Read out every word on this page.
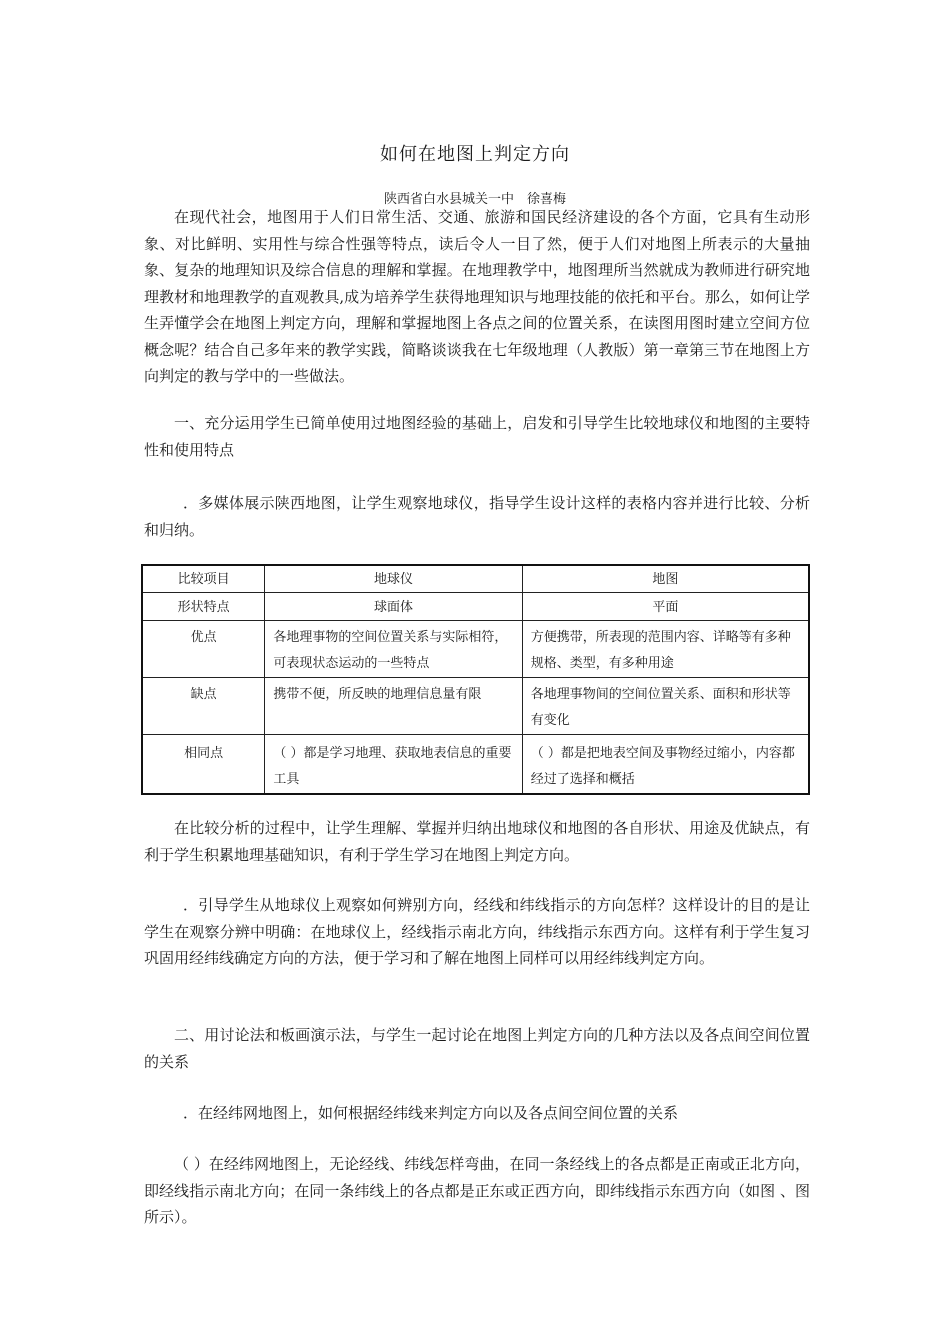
如何在地图上判定方向
陕西省白水县城关一中　徐喜梅

在现代社会，地图用于人们日常生活、交通、旅游和国民经济建设的各个方面，它具有生动形象、对比鲜明、实用性与综合性强等特点，读后令人一目了然，便于人们对地图上所表示的大量抽象、复杂的地理知识及综合信息的理解和掌握。在地理教学中，地图理所当然就成为教师进行研究地理教材和地理教学的直观教具,成为培养学生获得地理知识与地理技能的依托和平台。那么，如何让学生弄懂学会在地图上判定方向，理解和掌握地图上各点之间的位置关系，在读图用图时建立空间方位概念呢？结合自己多年来的教学实践，简略谈谈我在七年级地理（人教版）第一章第三节在地图上方向判定的教与学中的一些做法。

一、充分运用学生已简单使用过地图经验的基础上，启发和引导学生比较地球仪和地图的主要特性和使用特点

．多媒体展示陕西地图，让学生观察地球仪，指导学生设计这样的表格内容并进行比较、分析和归纳。

比较项目	地球仪	地图
形状特点	球面体	平面
优点	各地理事物的空间位置关系与实际相符，可表现状态运动的一些特点	方便携带，所表现的范围内容、详略等有多种规格、类型，有多种用途
缺点	携带不便，所反映的地理信息量有限	各地理事物间的空间位置关系、面积和形状等有变化
相同点	（ ）都是学习地理、获取地表信息的重要工具	（ ）都是把地表空间及事物经过缩小，内容都经过了选择和概括

在比较分析的过程中，让学生理解、掌握并归纳出地球仪和地图的各自形状、用途及优缺点，有利于学生积累地理基础知识，有利于学生学习在地图上判定方向。

．引导学生从地球仪上观察如何辨别方向，经线和纬线指示的方向怎样？这样设计的目的是让学生在观察分辨中明确：在地球仪上，经线指示南北方向，纬线指示东西方向。这样有利于学生复习巩固用经纬线确定方向的方法，便于学习和了解在地图上同样可以用经纬线判定方向。

二、用讨论法和板画演示法，与学生一起讨论在地图上判定方向的几种方法以及各点间空间位置的关系

．在经纬网地图上，如何根据经纬线来判定方向以及各点间空间位置的关系

（ ）在经纬网地图上，无论经线、纬线怎样弯曲，在同一条经线上的各点都是正南或正北方向，即经线指示南北方向；在同一条纬线上的各点都是正东或正西方向，即纬线指示东西方向（如图 、图 所示）。
